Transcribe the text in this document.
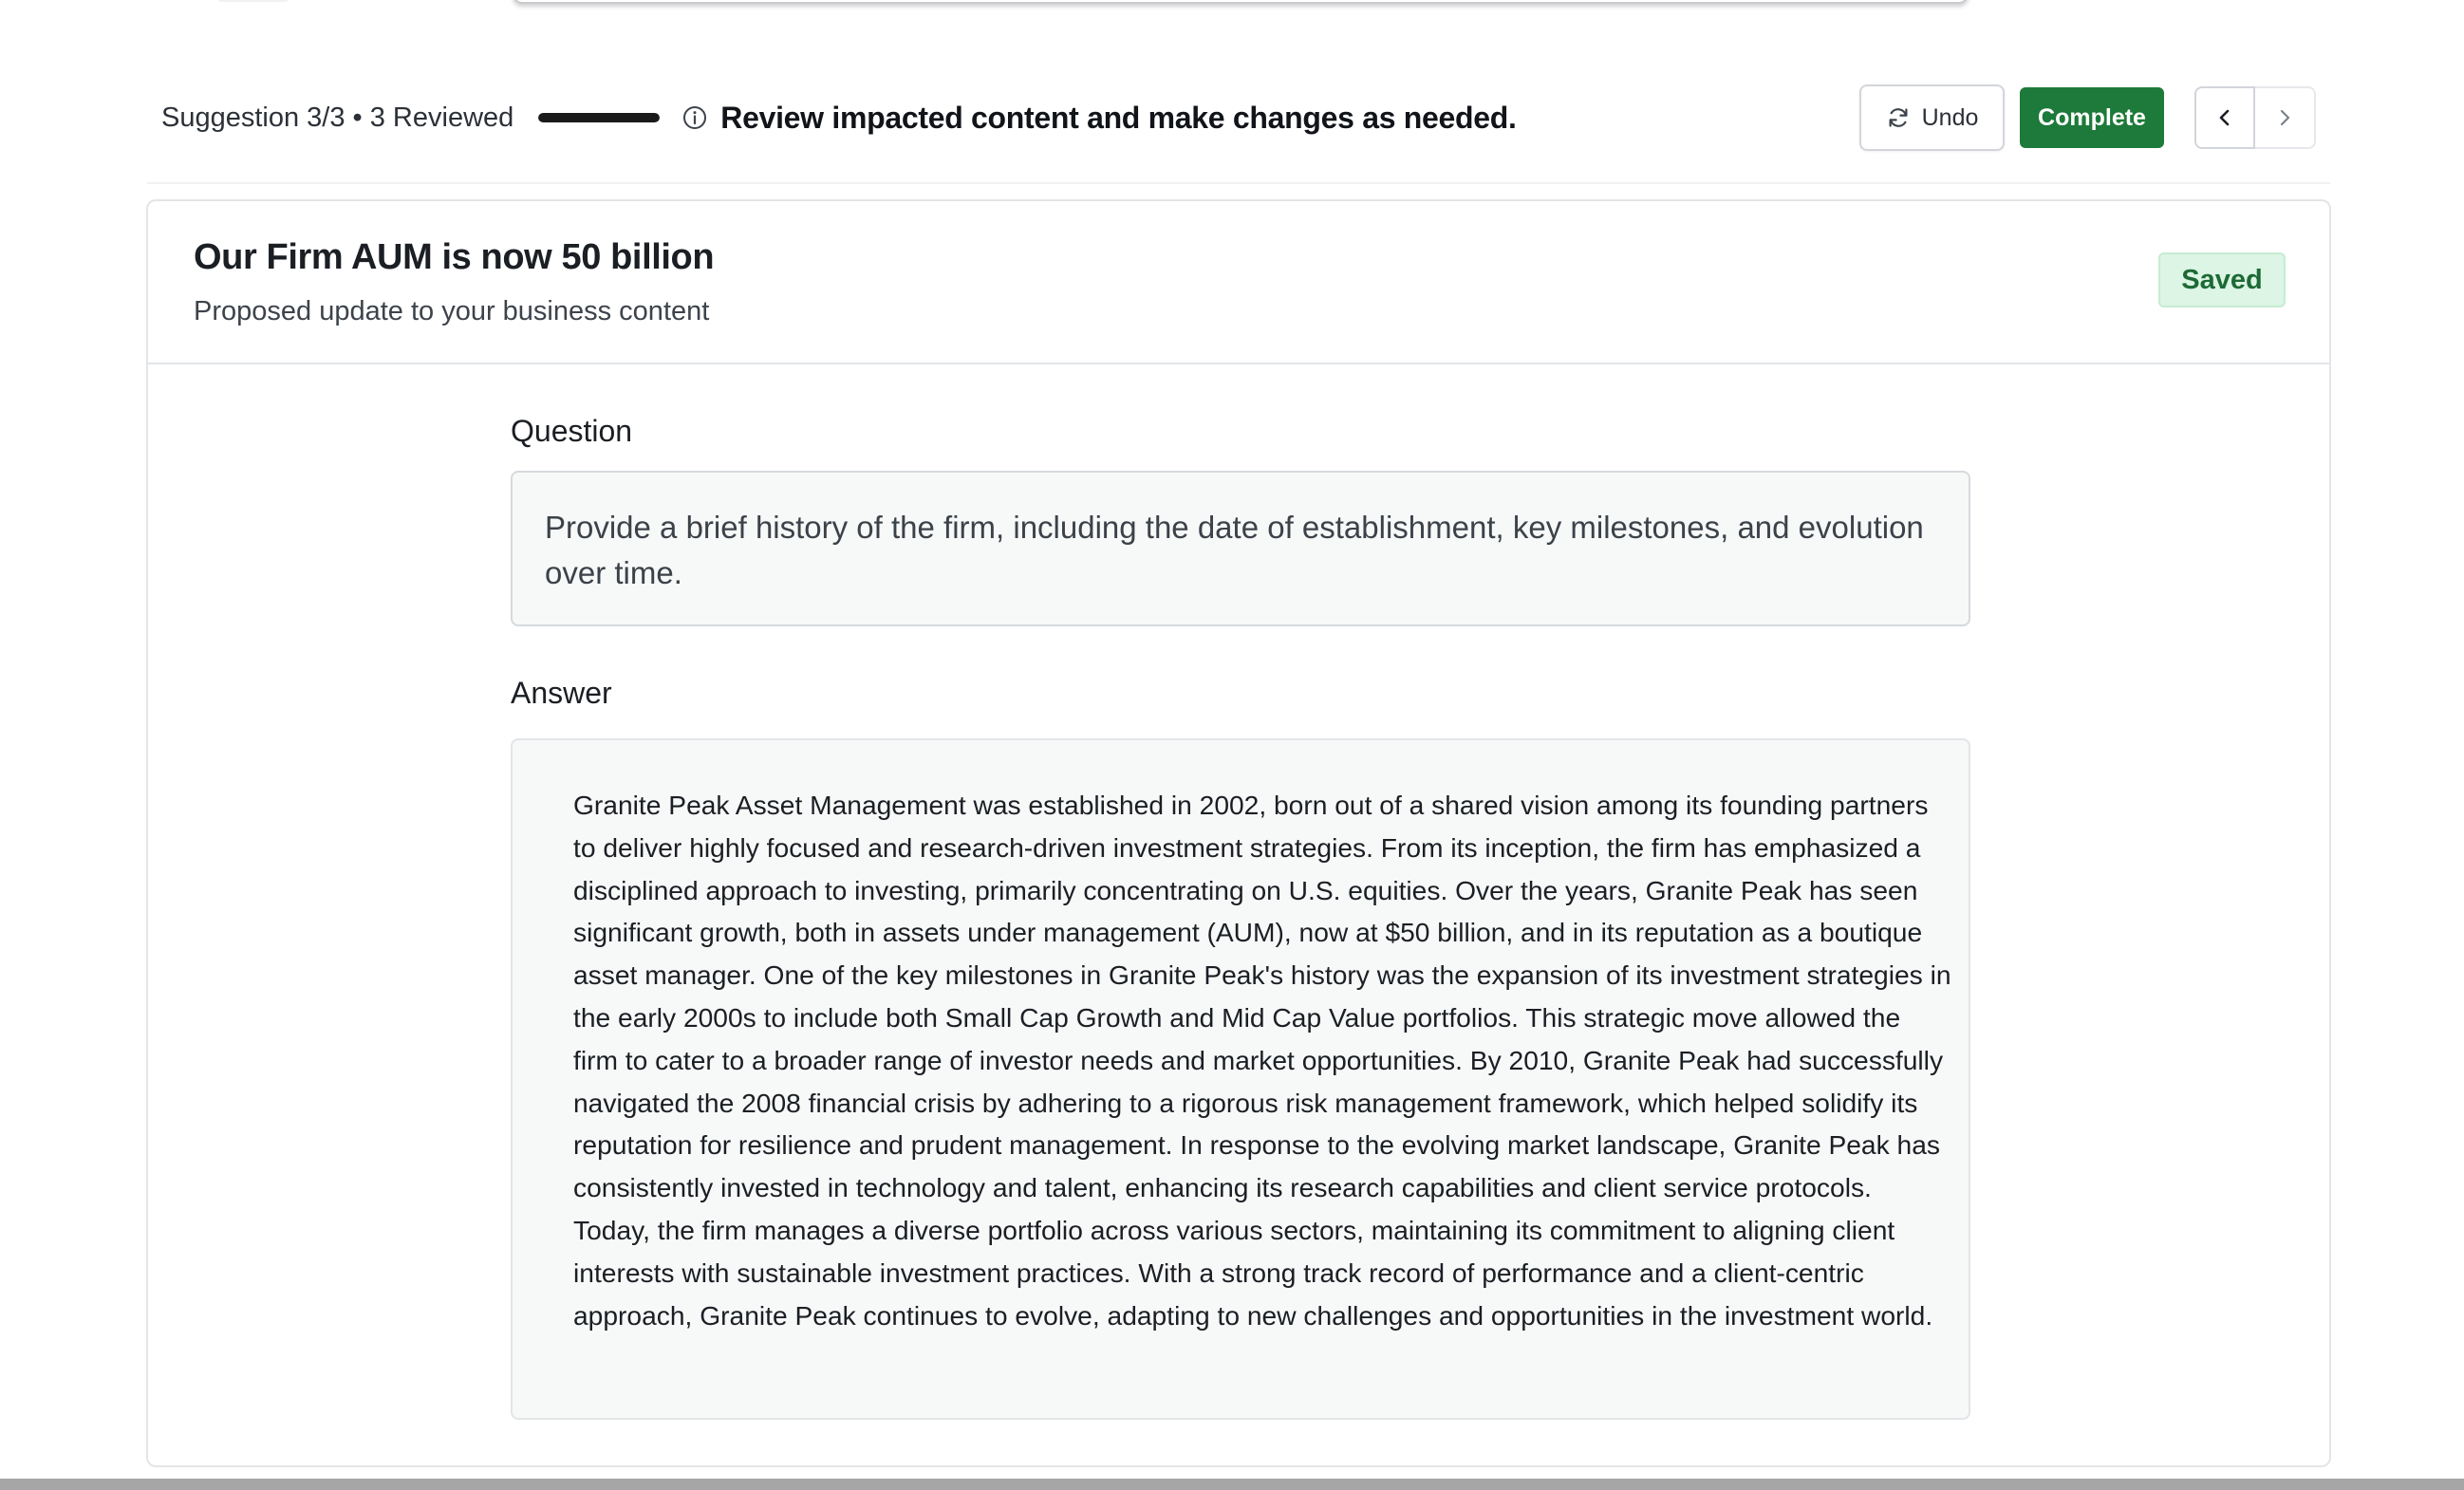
Suggestion 3/3 • 3 Reviewed	Review impacted content and make changes as needed.	Undo	Complete
Our Firm AUM is now 50 billion
Proposed update to your business content
Saved
Question
Provide a brief history of the firm, including the date of establishment, key milestones, and evolution over time.
Answer
Granite Peak Asset Management was established in 2002, born out of a shared vision among its founding partners to deliver highly focused and research-driven investment strategies. From its inception, the firm has emphasized a disciplined approach to investing, primarily concentrating on U.S. equities. Over the years, Granite Peak has seen significant growth, both in assets under management (AUM), now at $50 billion, and in its reputation as a boutique asset manager. One of the key milestones in Granite Peak's history was the expansion of its investment strategies in the early 2000s to include both Small Cap Growth and Mid Cap Value portfolios. This strategic move allowed the firm to cater to a broader range of investor needs and market opportunities. By 2010, Granite Peak had successfully navigated the 2008 financial crisis by adhering to a rigorous risk management framework, which helped solidify its reputation for resilience and prudent management. In response to the evolving market landscape, Granite Peak has consistently invested in technology and talent, enhancing its research capabilities and client service protocols. Today, the firm manages a diverse portfolio across various sectors, maintaining its commitment to aligning client interests with sustainable investment practices. With a strong track record of performance and a client-centric approach, Granite Peak continues to evolve, adapting to new challenges and opportunities in the investment world.
